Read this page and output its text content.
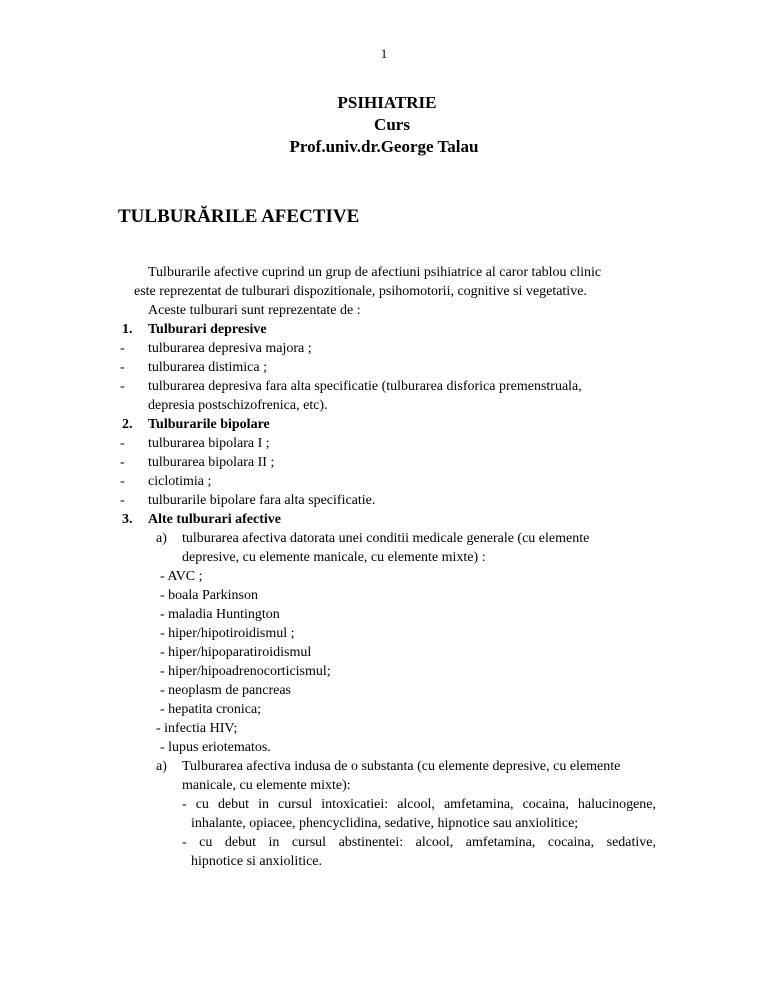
1
PSIHIATRIE
Curs
Prof.univ.dr.George Talau
TULBURĂRILE AFECTIVE
Tulburarile afective cuprind un grup de afectiuni psihiatrice al caror tablou clinic
este reprezentat de tulburari dispozitionale, psihomotorii, cognitive si vegetative.
Aceste tulburari sunt reprezentate de :
1. Tulburari depresive
- tulburarea depresiva majora ;
- tulburarea distimica ;
- tulburarea depresiva fara alta specificatie (tulburarea disforica premenstruala,
depresia postschizofrenica, etc).
2. Tulburarile bipolare
- tulburarea bipolara I ;
- tulburarea bipolara II ;
- ciclotimia ;
- tulburarile bipolare fara alta specificatie.
3. Alte tulburari afective
a) tulburarea afectiva datorata unei conditii medicale generale (cu elemente
depresive, cu elemente manicale, cu elemente mixte) :
- AVC ;
- boala Parkinson
- maladia Huntington
- hiper/hipotiroidismul ;
- hiper/hipoparatiroidismul
- hiper/hipoadrenocorticismul;
- neoplasm de pancreas
- hepatita cronica;
- infectia HIV;
- lupus eriotematos.
a) Tulburarea afectiva indusa de o substanta (cu elemente depresive, cu elemente
manicale, cu elemente mixte):
- cu debut in cursul intoxicatiei: alcool, amfetamina, cocaina, halucinogene,
inhalante, opiacee, phencyclidina, sedative, hipnotice sau anxiolitice;
- cu debut in cursul abstinentei: alcool, amfetamina, cocaina, sedative,
hipnotice si anxiolitice.
